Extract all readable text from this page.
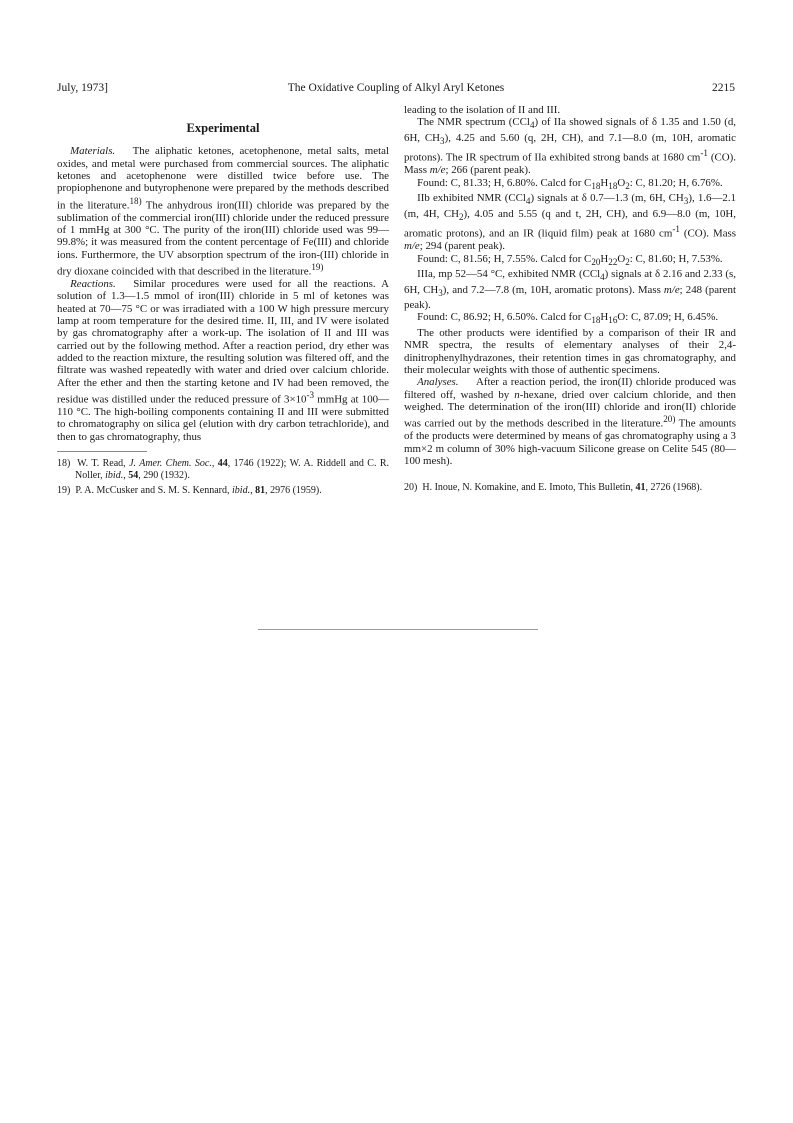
July, 1973]	The Oxidative Coupling of Alkyl Aryl Ketones	2215
Experimental

Materials. The aliphatic ketones, acetophenone, metal salts, metal oxides, and metal were purchased from commercial sources. The aliphatic ketones and acetophenone were distilled twice before use. The propiophenone and butyrophenone were prepared by the methods described in the literature.$^{18)}$ The anhydrous iron(III) chloride was prepared by the sublimation of the commercial iron(III) chloride under the reduced pressure of 1 mmHg at 300 °C. The purity of the iron(III) chloride used was 99—99.8%; it was measured from the content percentage of Fe(III) and chloride ions. Furthermore, the UV absorption spectrum of the iron-(III) chloride in dry dioxane coincided with that described in the literature.$^{19)}$

Reactions. Similar procedures were used for all the reactions. A solution of 1.3—1.5 mmol of iron(III) chloride in 5 ml of ketones was heated at 70—75 °C or was irradiated with a 100 W high pressure mercury lamp at room temperature for the desired time. II, III, and IV were isolated by gas chromatography after a work-up. The isolation of II and III was carried out by the following method. After a reaction period, dry ether was added to the reaction mixture, the resulting solution was filtered off, and the filtrate was washed repeatedly with water and dried over calcium chloride. After the ether and then the starting ketone and IV had been removed, the residue was distilled under the reduced pressure of $3\times 10^{-3}$ mmHg at 100—110 °C. The high-boiling components containing II and III were submitted to chromatography on silica gel (elution with dry carbon tetrachloride), and then to gas chromatography, thus

18) W. T. Read, J. Amer. Chem. Soc., 44, 1746 (1922); W. A. Riddell and C. R. Noller, ibid., 54, 290 (1932).

19) P. A. McCusker and S. M. S. Kennard, ibid., 81, 2976 (1959).

leading to the isolation of II and III.

The NMR spectrum (CCl$_4$) of IIa showed signals of δ 1.35 and 1.50 (d, 6H, $CH_3$), 4.25 and 5.60 (q, 2H, CH), and 7.1—8.0 (m, 10H, aromatic protons). The IR spectrum of IIa exhibited strong bands at 1680 $cm^{-1}$ (CO). Mass m/e; 266 (parent peak).

Found: C, 81.33; H, 6.80%. Calcd for $C_{18}H_{18}O_2$: C, 81.20; H, 6.76%.

IIb exhibited NMR (CCl$_4$) signals at δ 0.7—1.3 (m, 6H, $CH_3$), 1.6—2.1 (m, 4H, $CH_2$), 4.05 and 5.55 (q and t, 2H, CH), and 6.9—8.0 (m, 10H, aromatic protons), and an IR (liquid film) peak at 1680 $cm^{-1}$ (CO). Mass m/e; 294 (parent peak).

Found: C, 81.56; H, 7.55%. Calcd for $C_{20}H_{22}O_2$: C, 81.60; H, 7.53%.

IIIa, mp 52—54 °C, exhibited NMR (CCl$_4$) signals at δ 2.16 and 2.33 (s, 6H, $CH_3$), and 7.2—7.8 (m, 10H, aromatic protons). Mass m/e; 248 (parent peak).

Found: C, 86.92; H, 6.50%. Calcd for $C_{18}H_{16}O$: C, 87.09; H, 6.45%.

The other products were identified by a comparison of their IR and NMR spectra, the results of elementary analyses of their 2,4-dinitrophenylhydrazones, their retention times in gas chromatography, and their molecular weights with those of authentic specimens.

Analyses. After a reaction period, the iron(II) chloride produced was filtered off, washed by n-hexane, dried over calcium chloride, and then weighed. The determination of the iron(III) chloride and iron(II) chloride was carried out by the methods described in the literature.$^{20)}$ The amounts of the products were determined by means of gas chromatography using a 3 mm×2 m column of 30% high-vacuum Silicone grease on Celite 545 (80—100 mesh).

20) H. Inoue, N. Komakine, and E. Imoto, This Bulletin, 41, 2726 (1968).
